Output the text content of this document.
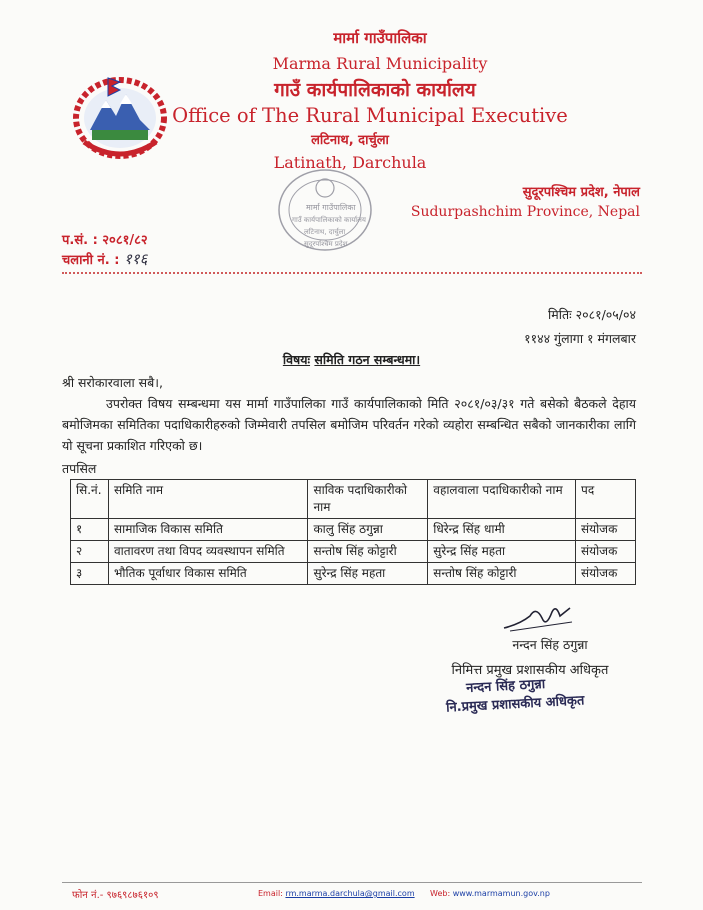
मार्मा गाउँपालिका
Marma Rural Municipality
गाउँ कार्यपालिकाको कार्यालय
Office of The Rural Municipal Executive
लटिनाथ, दार्चुला
Latinath, Darchula
सुदूरपश्चिम प्रदेश, नेपाल
Sudurpashchim Province, Nepal
मार्मा गाउँपालिका
गाउँ कार्यपालिकाको कार्यालय
लटिनाथ, दार्चुला
सुदूरपश्चिम प्रदेश
प.सं. : २०८१/८२
चलानी नं. : ११६
मितिः २०८१/०५/०४
११४४ गुंलागा १ मंगलबार
विषयः समिति गठन सम्बन्धमा।
श्री सरोकारवाला सबै।,
उपरोक्त विषय सम्बन्धमा यस मार्मा गाउँपालिका गाउँ कार्यपालिकाको मिति २०८१/०३/३१ गते बसेको बैठकले देहाय बमोजिमका समितिका पदाधिकारीहरुको जिम्मेवारी तपसिल बमोजिम परिवर्तन गरेको व्यहोरा सम्बन्धित सबैको जानकारीका लागि यो सूचना प्रकाशित गरिएको छ।
तपसिल
सि.नं.	समिति नाम	साविक पदाधिकारीको नाम	वहालवाला पदाधिकारीको नाम	पद
१	सामाजिक विकास समिति	कालु सिंह ठगुन्ना	धिरेन्द्र सिंह धामी	संयोजक
२	वातावरण तथा विपद व्यवस्थापन समिति	सन्तोष सिंह कोट्टारी	सुरेन्द्र सिंह महता	संयोजक
३	भौतिक पूर्वाधार विकास समिति	सुरेन्द्र सिंह महता	सन्तोष सिंह कोट्टारी	संयोजक
नन्दन सिंह ठगुन्ना
निमित्त प्रमुख प्रशासकीय अधिकृत
नन्दन सिंह ठगुन्ना
नि.प्रमुख प्रशासकीय अधिकृत
फोन नं.- ९७६९८७६१०९	Email: rm.marma.darchula@gmail.com Web: www.marmamun.gov.np
